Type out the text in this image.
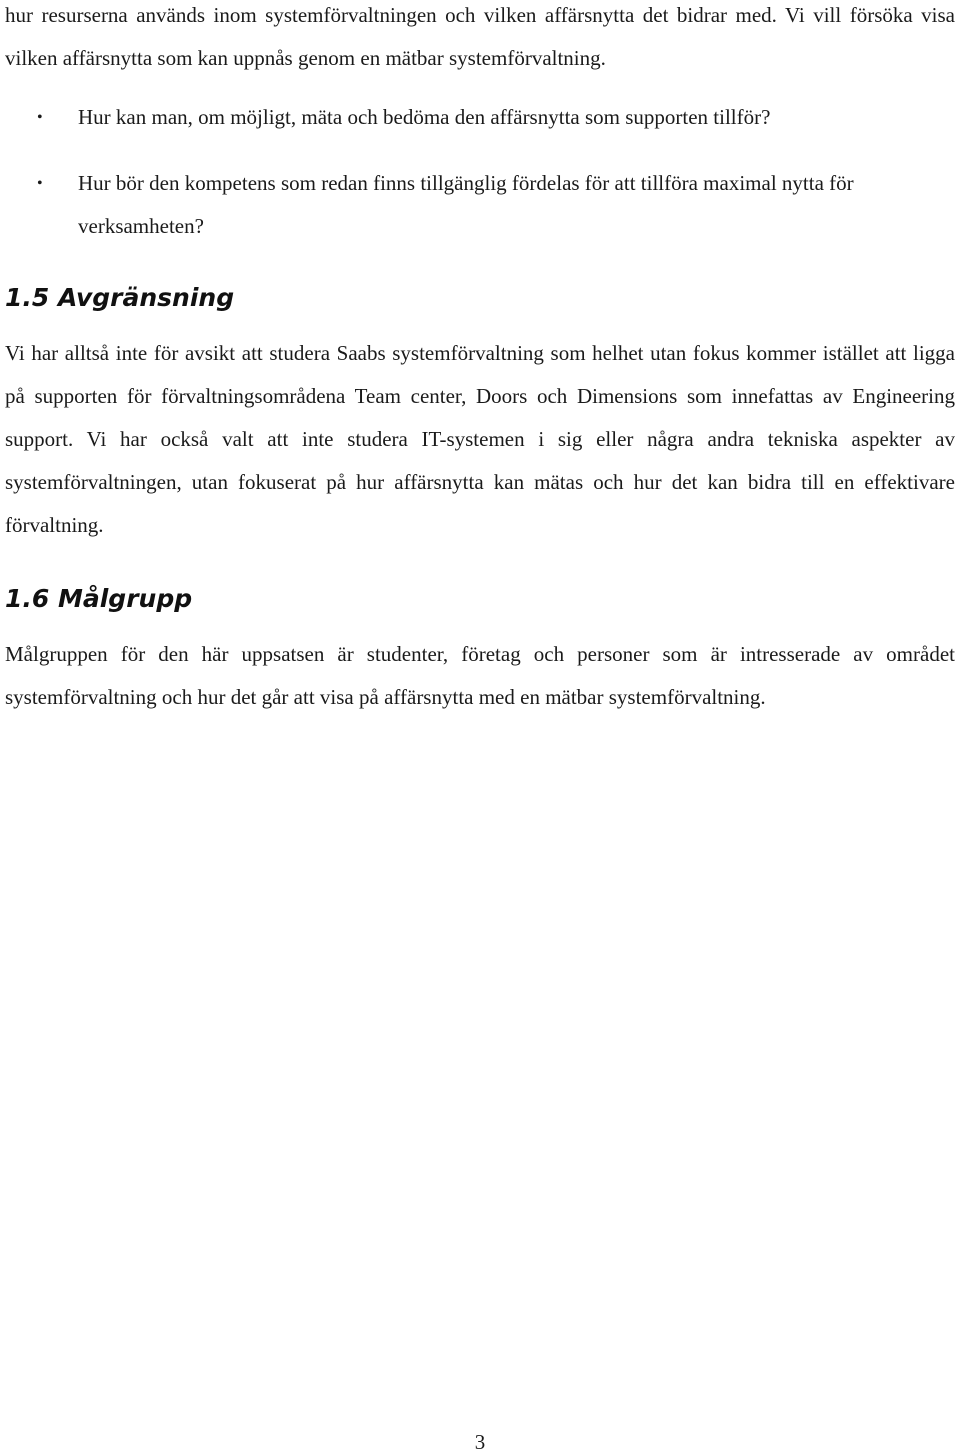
hur resurserna används inom systemförvaltningen och vilken affärsnytta det bidrar med. Vi vill försöka visa vilken affärsnytta som kan uppnås genom en mätbar systemförvaltning.

• Hur kan man, om möjligt, mäta och bedöma den affärsnytta som supporten tillför?
• Hur bör den kompetens som redan finns tillgänglig fördelas för att tillföra maximal nytta för verksamheten?
1.5 Avgränsning

Vi har alltså inte för avsikt att studera Saabs systemförvaltning som helhet utan fokus kommer istället att ligga på supporten för förvaltningsområdena Team center, Doors och Dimensions som innefattas av Engineering support. Vi har också valt att inte studera IT-systemen i sig eller några andra tekniska aspekter av systemförvaltningen, utan fokuserat på hur affärsnytta kan mätas och hur det kan bidra till en effektivare förvaltning.

1.6 Målgrupp

Målgruppen för den här uppsatsen är studenter, företag och personer som är intresserade av området systemförvaltning och hur det går att visa på affärsnytta med en mätbar systemförvaltning.

3
